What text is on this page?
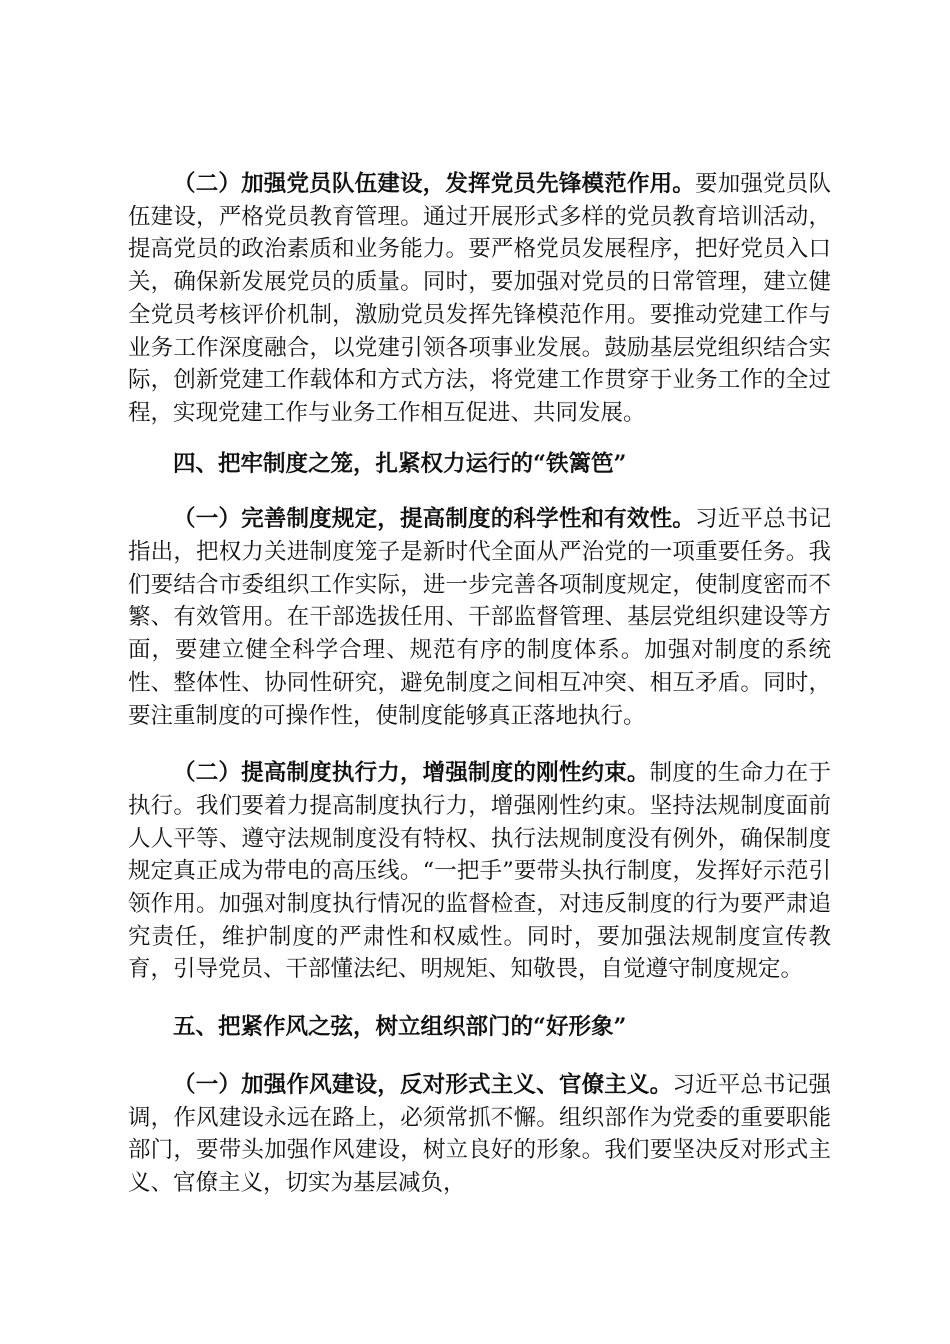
（二）加强党员队伍建设，发挥党员先锋模范作用。要加强党员队伍建设，严格党员教育管理。通过开展形式多样的党员教育培训活动，提高党员的政治素质和业务能力。要严格党员发展程序，把好党员入口关，确保新发展党员的质量。同时，要加强对党员的日常管理，建立健全党员考核评价机制，激励党员发挥先锋模范作用。要推动党建工作与业务工作深度融合，以党建引领各项事业发展。鼓励基层党组织结合实际，创新党建工作载体和方式方法，将党建工作贯穿于业务工作的全过程，实现党建工作与业务工作相互促进、共同发展。

四、把牢制度之笼，扎紧权力运行的“铁篱笆”

（一）完善制度规定，提高制度的科学性和有效性。习近平总书记指出，把权力关进制度笼子是新时代全面从严治党的一项重要任务。我们要结合市委组织工作实际，进一步完善各项制度规定，使制度密而不繁、有效管用。在干部选拔任用、干部监督管理、基层党组织建设等方面，要建立健全科学合理、规范有序的制度体系。加强对制度的系统性、整体性、协同性研究，避免制度之间相互冲突、相互矛盾。同时，要注重制度的可操作性，使制度能够真正落地执行。

（二）提高制度执行力，增强制度的刚性约束。制度的生命力在于执行。我们要着力提高制度执行力，增强刚性约束。坚持法规制度面前人人平等、遵守法规制度没有特权、执行法规制度没有例外，确保制度规定真正成为带电的高压线。“一把手”要带头执行制度，发挥好示范引领作用。加强对制度执行情况的监督检查，对违反制度的行为要严肃追究责任，维护制度的严肃性和权威性。同时，要加强法规制度宣传教育，引导党员、干部懂法纪、明规矩、知敬畏，自觉遵守制度规定。

五、把紧作风之弦，树立组织部门的“好形象”

（一）加强作风建设，反对形式主义、官僚主义。习近平总书记强调，作风建设永远在路上，必须常抓不懈。组织部作为党委的重要职能部门，要带头加强作风建设，树立良好的形象。我们要坚决反对形式主义、官僚主义，切实为基层减负，
